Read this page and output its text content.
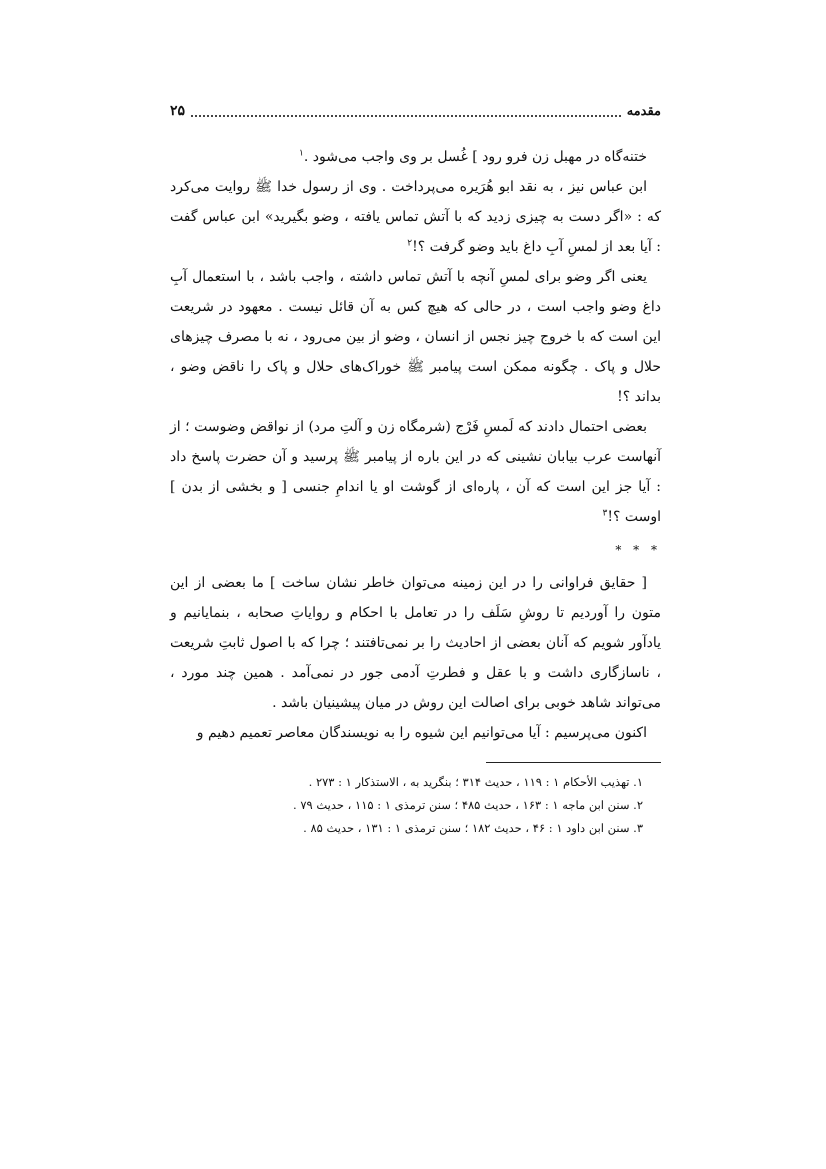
مقدمه
٢۵

ختنه‌گاه در مهبل زن فرو رود ] غُسل بر وی واجب می‌شود .$^١$

ابن عباس نیز ، به نقد ابو هُرَیره می‌پرداخت . وی از رسول خدا ﷺ روایت می‌کرد که : «اگر دست به چیزی زدید که با آتش تماس یافته ، وضو بگیرید» ابن عباس گفت : آیا بعد از لمسِ آبِ داغ باید وضو گرفت ؟!$^٢$

یعنی اگر وضو برای لمسِ آنچه با آتش تماس داشته ، واجب باشد ، با استعمال آبِ داغ وضو واجب است ، در حالی که هیچ کس به آن قائل نیست . معهود در شریعت این است که با خروج چیز نجس از انسان ، وضو از بین می‌رود ، نه با مصرف چیزهای حلال و پاک . چگونه ممکن است پیامبر ﷺ خوراک‌های حلال و پاک را ناقض وضو ، بداند ؟!

بعضی احتمال دادند که لَمسِ فَرْج (شرمگاه زن و آلتِ مرد) از نواقض وضوست ؛ از آنهاست عرب بیابان نشینی که در این باره از پیامبر ﷺ پرسید و آن حضرت پاسخ داد : آیا جز این است که آن ، پاره‌ای از گوشت او یا اندامِ جنسی [ و بخشی از بدن ] اوست ؟!$^٣$

* * *

[ حقایق فراوانی را در این زمینه می‌توان خاطر نشان ساخت ] ما بعضی از این متون را آوردیم تا روشِ سَلَف را در تعامل با احکام و روایاتِ صحابه ، بنمایانیم و یادآور شویم که آنان بعضی از احادیث را بر نمی‌تافتند ؛ چرا که با اصول ثابتِ شریعت ، ناسازگاری داشت و با عقل و فطرتِ آدمی جور در نمی‌آمد . همین چند مورد ، می‌تواند شاهد خوبی برای اصالت این روش در میان پیشینیان باشد .

اکنون می‌پرسیم : آیا می‌توانیم این شیوه را به نویسندگان معاصر تعمیم دهیم و

١. تهذیب الأحکام ١ : ١١٩ ، حدیث ٣١۴ ؛ بنگرید به ، الاستذکار ١ : ٢٧٣ .

٢. سنن ابن ماجه ١ : ١۶٣ ، حدیث ۴٨۵ ؛ سنن ترمذی ١ : ١١۵ ، حدیث ٧٩ .

٣. سنن ابن داود ١ : ۴۶ ، حدیث ١٨٢ ؛ سنن ترمذی ١ : ١٣١ ، حدیث ٨۵ .
